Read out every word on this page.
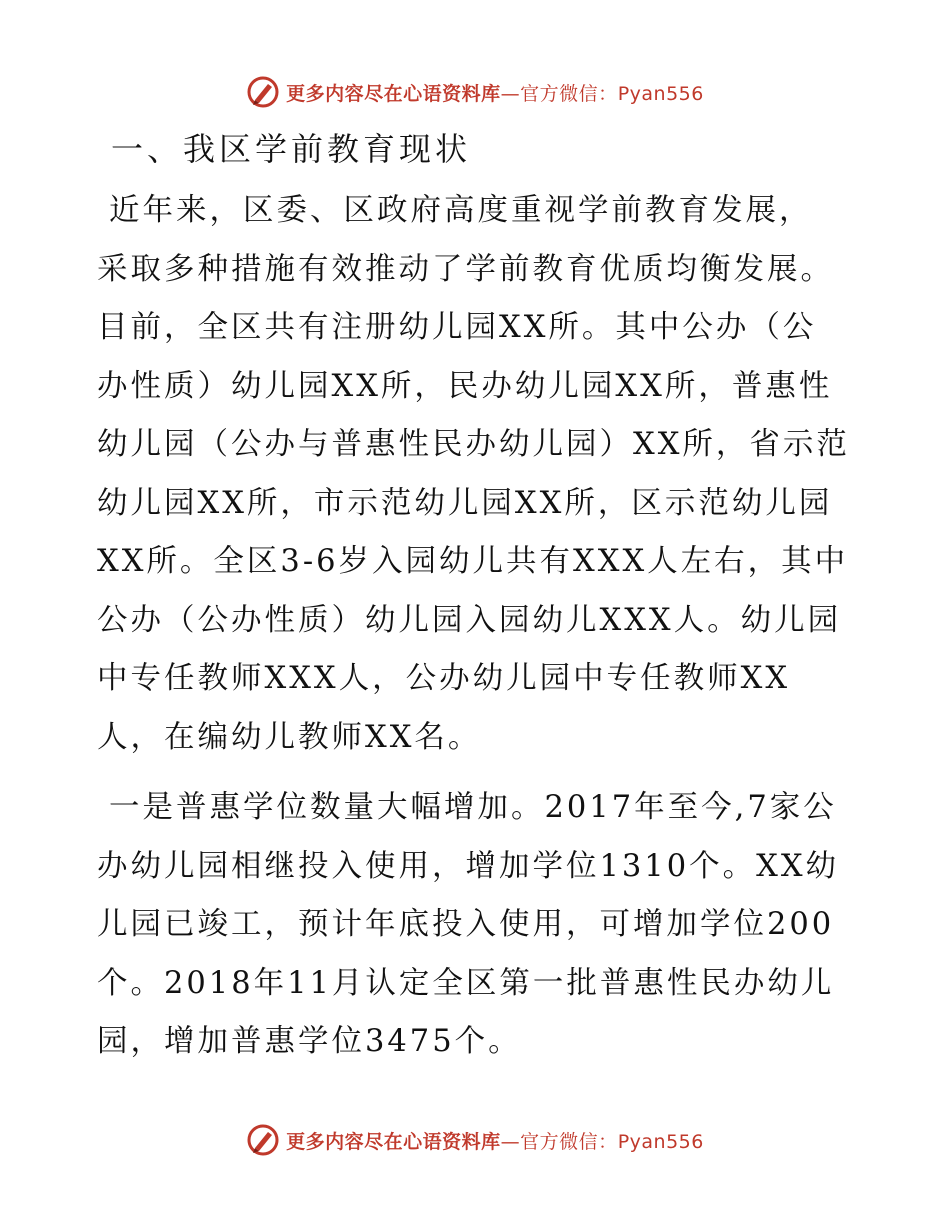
更多内容尽在心语资料库—官方微信：Pyan556
一、我区学前教育现状
近年来，区委、区政府高度重视学前教育发展，
采取多种措施有效推动了学前教育优质均衡发展。
目前，全区共有注册幼儿园XX所。其中公办（公
办性质）幼儿园XX所，民办幼儿园XX所，普惠性
幼儿园（公办与普惠性民办幼儿园）XX所，省示范
幼儿园XX所，市示范幼儿园XX所，区示范幼儿园
XX所。全区3-6岁入园幼儿共有XXX人左右，其中
公办（公办性质）幼儿园入园幼儿XXX人。幼儿园
中专任教师XXX人，公办幼儿园中专任教师XX
人，在编幼儿教师XX名。
一是普惠学位数量大幅增加。2017年至今,7家公
办幼儿园相继投入使用，增加学位1310个。XX幼
儿园已竣工，预计年底投入使用，可增加学位200
个。2018年11月认定全区第一批普惠性民办幼儿
园，增加普惠学位3475个。
更多内容尽在心语资料库—官方微信：Pyan556
